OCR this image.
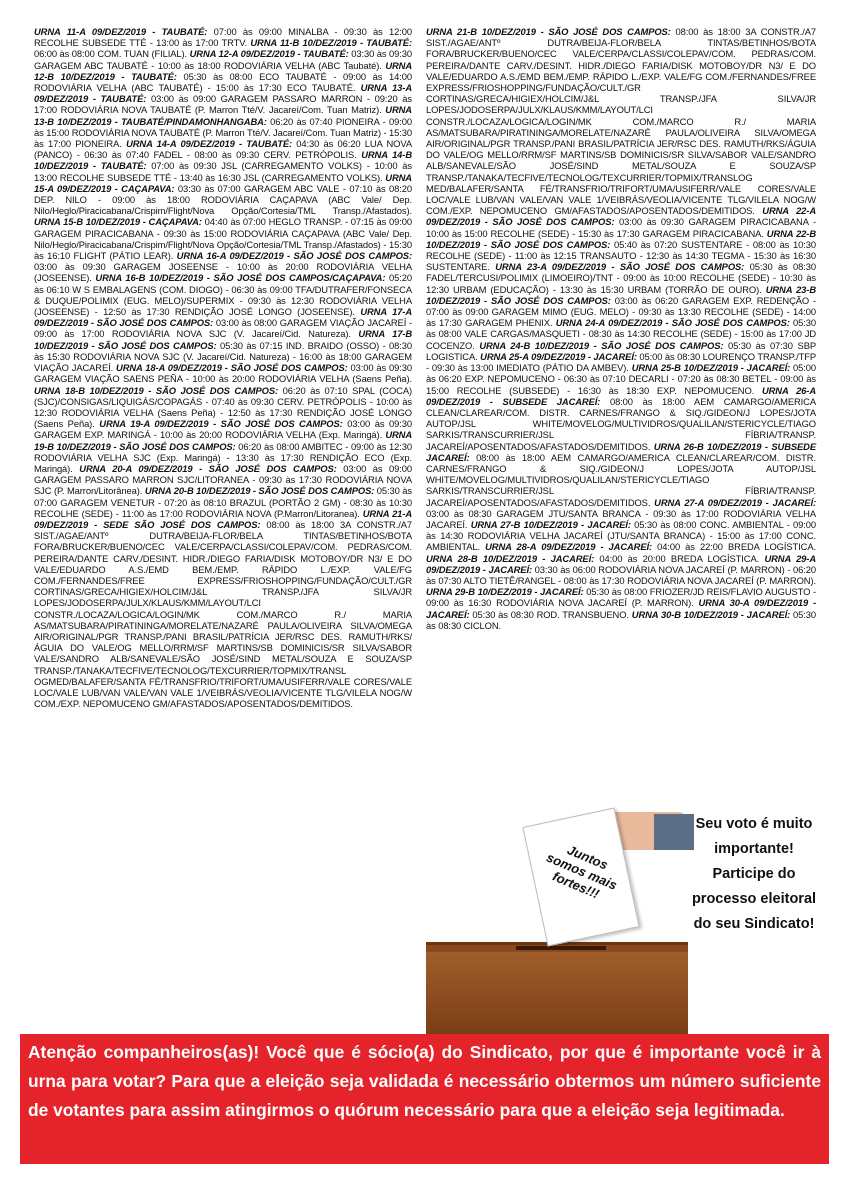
URNA 11-A 09/DEZ/2019 - TAUBATÉ: 07:00 às 09:00 MINALBA - 09:30 às 12:00 RECOLHE SUBSEDE TTÉ - 13:00 às 17:00 TRTV. URNA 11-B 10/DEZ/2019 - TAUBATÉ: 06:00 às 08:00 COM. TUAN (FILIAL). URNA 12-A 09/DEZ/2019 - TAUBATÉ: 03:30 às 09:30 GARAGEM ABC TAUBATÉ - 10:00 às 18:00 RODOVIÁRIA VELHA (ABC Taubaté). URNA 12-B 10/DEZ/2019 - TAUBATÉ: 05:30 às 08:00 ECO TAUBATÉ - 09:00 às 14:00 RODOVIÁRIA VELHA (ABC TAUBATÉ) - 15:00 às 17:30 ECO TAUBATÉ. URNA 13-A 09/DEZ/2019 - TAUBATÉ: 03:00 às 09:00 GARAGEM PASSARO MARRON - 09:20 às 17:00 RODOVIÁRIA NOVA TAUBATÉ (P. Marron Tté/V. Jacareí/Com. Tuan Matriz). URNA 13-B 10/DEZ/2019 - TAUBATÉ/PINDAMONHANGABA: 06:20 às 07:40 PIONEIRA - 09:00 às 15:00 RODOVIÁRIA NOVA TAUBATÉ (P. Marron Tté/V. Jacareí/Com. Tuan Matriz) - 15:30 às 17:00 PIONEIRA. URNA 14-A 09/DEZ/2019 - TAUBATÉ: 04:30 às 06:20 LUA NOVA (PANCO) - 06:30 às 07:40 FADEL - 08:00 às 09:30 CERV. PETRÓPOLIS. URNA 14-B 10/DEZ/2019 - TAUBATÉ: 07:00 às 09:30 JSL (CARREGAMENTO VOLKS) - 10:00 às 13:00 RECOLHE SUBSEDE TTÉ - 13:40 às 16:30 JSL (CARREGAMENTO VOLKS). URNA 15-A 09/DEZ/2019 - CAÇAPAVA: 03:30 às 07:00 GARAGEM ABC VALE - 07:10 às 08:20 DEP. NILO - 09:00 às 18:00 RODOVIÁRIA CAÇAPAVA (ABC Vale/ Dep. Nilo/Heglo/Piracicabana/Crispim/Flight/Nova Opção/Cortesia/TML Transp./Afastados). URNA 15-B 10/DEZ/2019 - CAÇAPAVA: 04:40 às 07:00 HEGLO TRANSP. - 07:15 às 09:00 GARAGEM PIRACICABANA - 09:30 às 15:00 RODOVIÁRIA CAÇAPAVA (ABC Vale/ Dep. Nilo/Heglo/Piracicabana/Crispim/Flight/Nova Opção/Cortesia/TML Transp./Afastados) - 15:30 às 16:10 FLIGHT (PÁTIO LEAR). URNA 16-A 09/DEZ/2019 - SÃO JOSÉ DOS CAMPOS: 03:00 às 09:30 GARAGEM JOSEENSE - 10:00 às 20:00 RODOVIÁRIA VELHA (JOSEENSE). URNA 16-B 10/DEZ/2019 - SÃO JOSÉ DOS CAMPOS/CAÇAPAVA: 05:20 às 06:10 W S EMBALAGENS (COM. DIOGO) - 06:30 às 09:00 TFA/DUTRAFER/FONSECA & DUQUE/POLIMIX (EUG. MELO)/SUPERMIX - 09:30 às 12:30 RODOVIÁRIA VELHA (JOSEENSE) - 12:50 às 17:30 RENDIÇÃO JOSÉ LONGO (JOSEENSE). URNA 17-A 09/DEZ/2019 - SÃO JOSÉ DOS CAMPOS: 03:00 às 08:00 GARAGEM VIAÇÃO JACAREÍ - 09:00 às 17:00 RODOVIÁRIA NOVA SJC (V. Jacareí/Cid. Natureza). URNA 17-B 10/DEZ/2019 - SÃO JOSÉ DOS CAMPOS: 05:30 às 07:15 IND. BRAIDO (OSSO) - 08:30 às 15:30 RODOVIÁRIA NOVA SJC (V. Jacareí/Cid. Natureza) - 16:00 às 18:00 GARAGEM VIAÇÃO JACAREÍ. URNA 18-A 09/DEZ/2019 - SÃO JOSÉ DOS CAMPOS: 03:00 às 09:30 GARAGEM VIAÇÃO SAENS PEÑA - 10:00 às 20:00 RODOVIÁRIA VELHA (Saens Peña). URNA 18-B 10/DEZ/2019 - SÃO JOSÉ DOS CAMPOS: 06:20 às 07:10 SPAL (COCA) (SJC)/CONSIGAS/LIQUIGÁS/COPAGÁS - 07:40 às 09:30 CERV. PETRÓPOLIS - 10:00 às 12:30 RODOVIÁRIA VELHA (Saens Peña) - 12:50 às 17:30 RENDIÇÃO JOSÉ LONGO (Saens Peña). URNA 19-A 09/DEZ/2019 - SÃO JOSÉ DOS CAMPOS: 03:00 às 09:30 GARAGEM EXP. MARINGÁ - 10:00 às 20:00 RODOVIÁRIA VELHA (Exp. Maringá). URNA 19-B 10/DEZ/2019 - SÃO JOSÉ DOS CAMPOS: 06:20 às 08:00 AMBITEC - 09:00 às 12:30 RODOVIÁRIA VELHA SJC (Exp. Maringá) - 13:30 às 17:30 RENDIÇÃO ECO (Exp. Maringá). URNA 20-A 09/DEZ/2019 - SÃO JOSÉ DOS CAMPOS: 03:00 às 09:00 GARAGEM PASSARO MARRON SJC/LITORANEA - 09:30 às 17:30 RODOVIÁRIA NOVA SJC (P. Marron/Litorânea). URNA 20-B 10/DEZ/2019 - SÃO JOSÉ DOS CAMPOS: 05:30 às 07:00 GARAGEM VENETUR - 07:20 às 08:10 BRAZUL (PORTÃO 2 GM) - 08:30 às 10:30 RECOLHE (SEDE) - 11:00 às 17:00 RODOVIÁRIA NOVA (P.Marron/Litoranea). URNA 21-A 09/DEZ/2019 - SEDE SÃO JOSÉ DOS CAMPOS: 08:00 às 18:00 3A CONSTR./A7 SIST./AGAE/ANTº DUTRA/BEIJA-FLOR/BELA TINTAS/BETINHOS/BOTA FORA/BRUCKER/BUENO/CEC VALE/CERPA/CLASSI/COLEPAV/COM. PEDRAS/COM. PEREIRA/DANTE CARV./DESINT. HIDR./DIEGO FARIA/DISK MOTOBOY/DR N3/ E DO VALE/EDUARDO A.S./EMD BEM./EMP. RÁPIDO L./EXP. VALE/FG COM./FERNANDES/FREE EXPRESS/FRIOSHOPPING/FUNDAÇÃO/CULT./GR CORTINAS/GRECA/HIGIEX/HOLCIM/J&L TRANSP./JFA SILVA/JR LOPES/JODOSERPA/JULX/KLAUS/KMM/LAYOUT/LCI CONSTR./LOCAZA/LOGICA/LOGIN/MK COM./MARCO R./ MARIA AS/MATSUBARA/PIRATININGA/MORELATE/NAZARÉ PAULA/OLIVEIRA SILVA/OMEGA AIR/ORIGINAL/PGR TRANSP./PANI BRASIL/PATRÍCIA JER/RSC DES. RAMUTH/RKS/ÁGUIA DO VALE/OG MELLO/RRM/SF MARTINS/SB DOMINICIS/SR SILVA/SABOR VALE/SANDRO ALB/SANEVALE/SÃO JOSÉ/SIND METAL/SOUZA E SOUZA/SP TRANSP./TANAKA/TECFIVE/TECNOLOG/TEXCURRIER/TOPMIX/TRANSL OGMED/BALAFER/SANTA FÉ/TRANSFRIO/TRIFORT/UMA/USIFERR/VALE CORES/VALE LOC/VALE LUB/VAN VALE/VAN VALE 1/VEIBRÁS/VEOLIA/VICENTE TLG/VILELA NOG/W COM./EXP. NEPOMUCENO GM/AFASTADOS/APOSENTADOS/DEMITIDOS.

URNA 21-B 10/DEZ/2019 - SÃO JOSÉ DOS CAMPOS: 08:00 às 18:00 3A CONSTR./A7 SIST./AGAE/ANTº DUTRA/BEIJA-FLOR/BELA TINTAS/BETINHOS/BOTA FORA/BRUCKER/BUENO/CEC VALE/CERPA/CLASSI/COLEPAV/COM. PEDRAS/COM. PEREIRA/DANTE CARV./DESINT. HIDR./DIEGO FARIA/DISK MOTOBOY/DR N3/ E DO VALE/EDUARDO A.S./EMD BEM./EMP. RÁPIDO L./EXP. VALE/FG COM./FERNANDES/FREE EXPRESS/FRIOSHOPPING/FUNDAÇÃO/CULT./GR CORTINAS/GRECA/HIGIEX/HOLCIM/J&L TRANSP./JFA SILVA/JR LOPES/JODOSERPA/JULX/KLAUS/KMM/LAYOUT/LCI CONSTR./LOCAZA/LOGICA/LOGIN/MK COM./MARCO R./ MARIA AS/MATSUBARA/PIRATININGA/MORELATE/NAZARÉ PAULA/OLIVEIRA SILVA/OMEGA AIR/ORIGINAL/PGR TRANSP./PANI BRASIL/PATRÍCIA JER/RSC DES. RAMUTH/RKS/ÁGUIA DO VALE/OG MELLO/RRM/SF MARTINS/SB DOMINICIS/SR SILVA/SABOR VALE/SANDRO ALB/SANEVALE/SÃO JOSÉ/SIND METAL/SOUZA E SOUZA/SP TRANSP./TANAKA/TECFIVE/TECNOLOG/TEXCURRIER/TOPMIX/TRANSLOG MED/BALAFER/SANTA FÉ/TRANSFRIO/TRIFORT/UMA/USIFERR/VALE CORES/VALE LOC/VALE LUB/VAN VALE/VAN VALE 1/VEIBRÁS/VEOLIA/VICENTE TLG/VILELA NOG/W COM./EXP. NEPOMUCENO GM/AFASTADOS/APOSENTADOS/DEMITIDOS. URNA 22-A 09/DEZ/2019 - SÃO JOSÉ DOS CAMPOS: 03:00 às 09:30 GARAGEM PIRACICABANA - 10:00 às 15:00 RECOLHE (SEDE) - 15:30 às 17:30 GARAGEM PIRACICABANA. URNA 22-B 10/DEZ/2019 - SÃO JOSÉ DOS CAMPOS: 05:40 às 07:20 SUSTENTARE - 08:00 às 10:30 RECOLHE (SEDE) - 11:00 às 12:15 TRANSAUTO - 12:30 às 14:30 TEGMA - 15:30 às 16:30 SUSTENTARE. URNA 23-A 09/DEZ/2019 - SÃO JOSÉ DOS CAMPOS: 05:30 às 08:30 FADEL/TERCUSI/POLIMIX (LIMOEIRO)/TNT - 09:00 às 10:00 RECOLHE (SEDE) - 10:30 às 12:30 URBAM (EDUCAÇÃO) - 13:30 às 15:30 URBAM (TORRÃO DE OURO). URNA 23-B 10/DEZ/2019 - SÃO JOSÉ DOS CAMPOS: 03:00 às 06:20 GARAGEM EXP. REDENÇÃO - 07:00 às 09:00 GARAGEM MIMO (EUG. MELO) - 09:30 às 13:30 RECOLHE (SEDE) - 14:00 às 17:30 GARAGEM PHENIX. URNA 24-A 09/DEZ/2019 - SÃO JOSÉ DOS CAMPOS: 05:30 às 08:00 VALE CARGAS/MASQUETI - 08:30 às 14:30 RECOLHE (SEDE) - 15:00 às 17:00 JD COCENZO. URNA 24-B 10/DEZ/2019 - SÃO JOSÉ DOS CAMPOS: 05:30 às 07:30 SBP LOGISTICA. URNA 25-A 09/DEZ/2019 - JACAREÍ: 05:00 às 08:30 LOURENÇO TRANSP./TFP - 09:30 às 13:00 IMEDIATO (PÁTIO DA AMBEV). URNA 25-B 10/DEZ/2019 - JACAREÍ: 05:00 às 06:20 EXP. NEPOMUCENO - 06:30 às 07:10 DECARLI - 07:20 às 08:30 BETEL - 09:00 às 15:00 RECOLHE (SUBSEDE) - 16:30 às 18:30 EXP. NEPOMUCENO. URNA 26-A 09/DEZ/2019 - SUBSEDE JACAREÍ: 08:00 às 18:00 AEM CAMARGO/AMERICA CLEAN/CLAREAR/COM. DISTR. CARNES/FRANGO & SIQ./GIDEON/J LOPES/JOTA AUTOP/JSL WHITE/MOVELOG/MULTIVIDROS/QUALILAN/STERICYCLE/TIAGO SARKIS/TRANSCURRIER/JSL FÍBRIA/TRANSP. JACAREÍ/APOSENTADOS/AFASTADOS/DEMITIDOS. URNA 26-B 10/DEZ/2019 - SUBSEDE JACAREÍ: 08:00 às 18:00 AEM CAMARGO/AMERICA CLEAN/CLAREAR/COM. DISTR. CARNES/FRANGO & SIQ./GIDEON/J LOPES/JOTA AUTOP/JSL WHITE/MOVELOG/MULTIVIDROS/QUALILAN/STERICYCLE/TIAGO SARKIS/TRANSCURRIER/JSL FÍBRIA/TRANSP. JACAREÍ/APOSENTADOS/AFASTADOS/DEMITIDOS. URNA 27-A 09/DEZ/2019 - JACAREÍ: 03:00 às 08:30 GARAGEM JTU/SANTA BRANCA - 09:30 às 17:00 RODOVIÁRIA VELHA JACAREÍ. URNA 27-B 10/DEZ/2019 - JACAREÍ: 05:30 às 08:00 CONC. AMBIENTAL - 09:00 às 14:30 RODOVIÁRIA VELHA JACAREÍ (JTU/SANTA BRANCA) - 15:00 às 17:00 CONC. AMBIENTAL. URNA 28-A 09/DEZ/2019 - JACAREÍ: 04:00 às 22:00 BREDA LOGÍSTICA. URNA 28-B 10/DEZ/2019 - JACAREÍ: 04:00 às 20:00 BREDA LOGÍSTICA. URNA 29-A 09/DEZ/2019 - JACAREÍ: 03:30 às 06:00 RODOVIÁRIA NOVA JACAREÍ (P. MARRON) - 06:20 às 07:30 ALTO TIETÊ/RANGEL - 08:00 às 17:30 RODOVIÁRIA NOVA JACAREÍ (P. MARRON). URNA 29-B 10/DEZ/2019 - JACAREÍ: 05:30 às 08:00 FRIOZER/JD REIS/FLAVIO AUGUSTO - 09:00 às 16:30 RODOVIÁRIA NOVA JACAREÍ (P. MARRON). URNA 30-A 09/DEZ/2019 - JACAREÍ: 05:30 às 08:30 ROD. TRANSBUENO. URNA 30-B 10/DEZ/2019 - JACAREÍ: 05:30 às 08:30 CICLON.

Juntos somos mais fortes!!!
Seu voto é muito importante! Participe do processo eleitoral do seu Sindicato!

Atenção companheiros(as)! Você que é sócio(a) do Sindicato, por que é importante você ir à urna para votar? Para que a eleição seja validada é necessário obtermos um número suficiente de votantes para assim atingirmos o quórum necessário para que a eleição seja legitimada.
